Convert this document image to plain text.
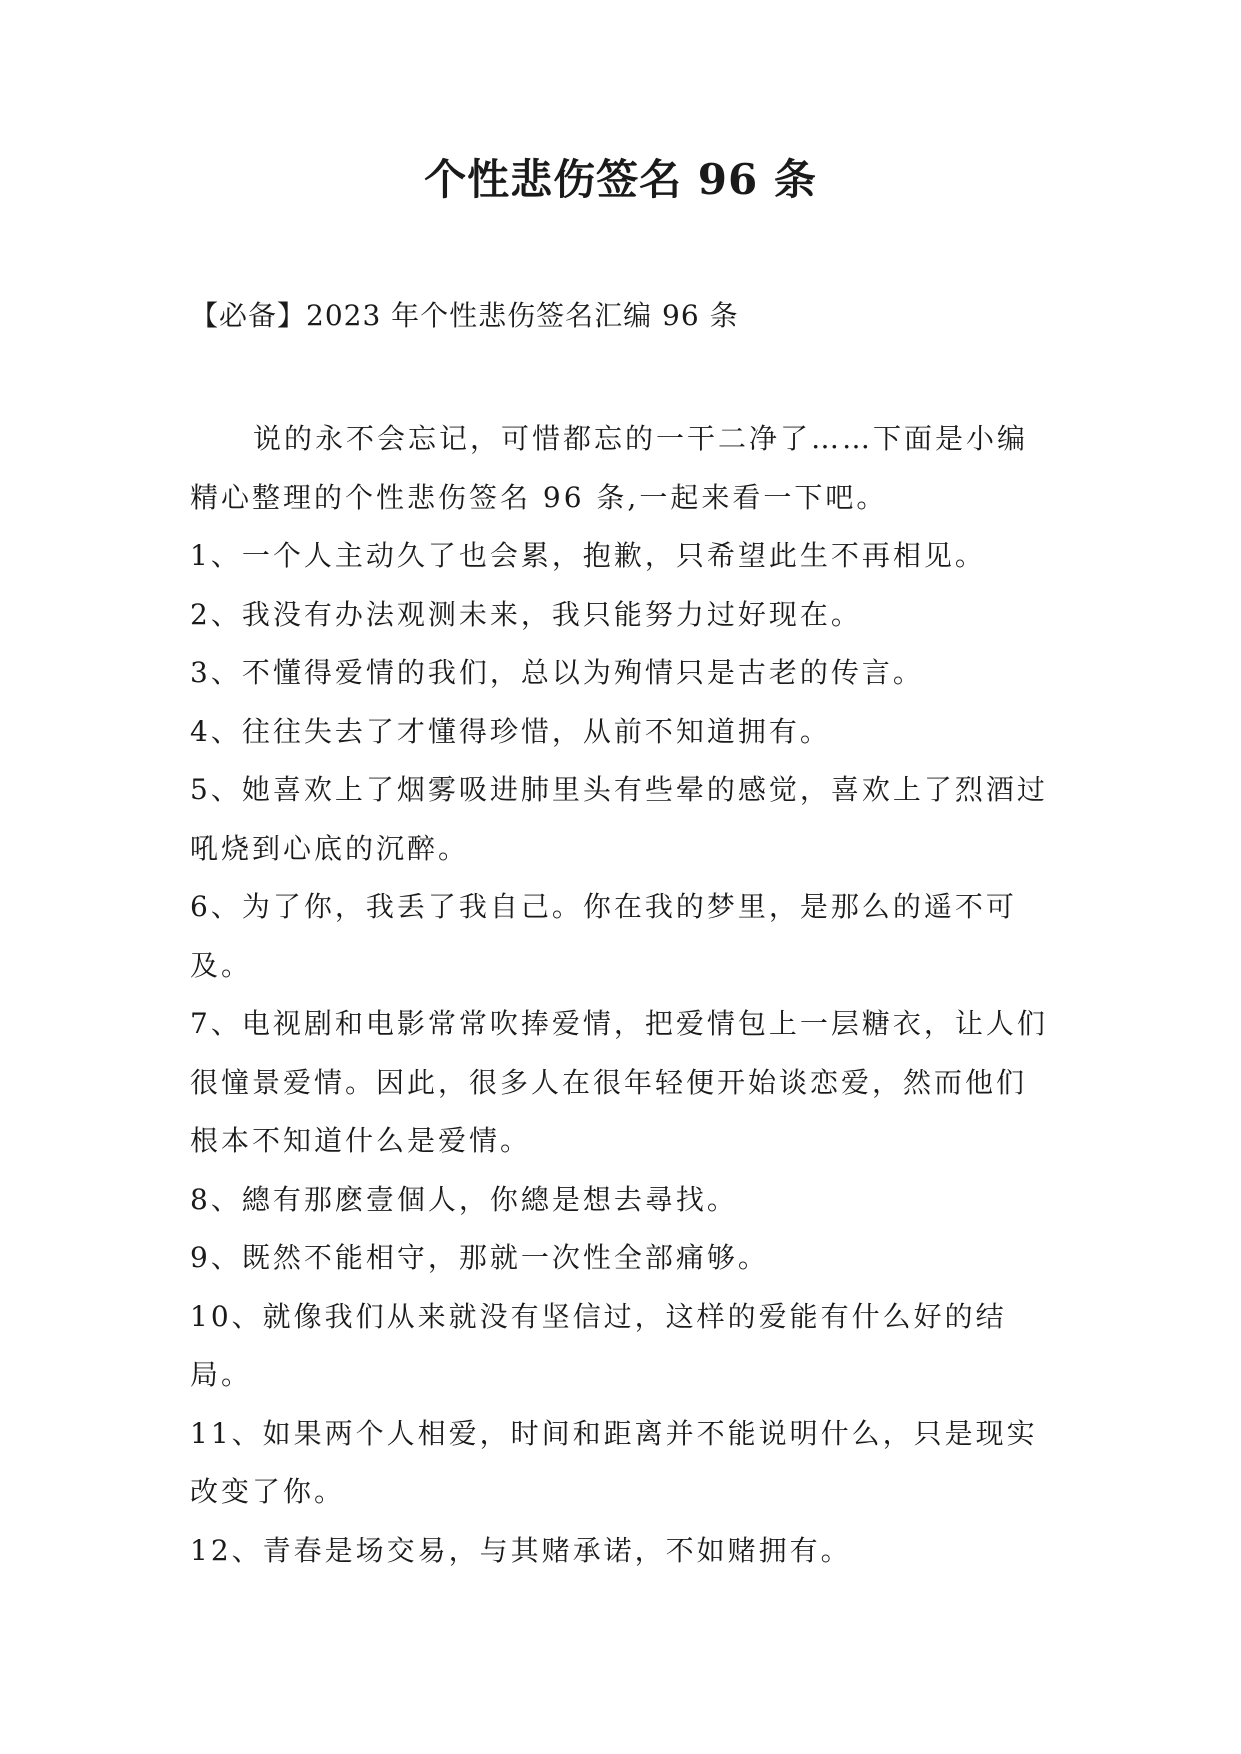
个性悲伤签名 96 条
【必备】2023 年个性悲伤签名汇编 96 条

说的永不会忘记，可惜都忘的一干二净了……下面是小编精心整理的个性悲伤签名 96 条,一起来看一下吧。

1、一个人主动久了也会累，抱歉，只希望此生不再相见。

2、我没有办法观测未来，我只能努力过好现在。

3、不懂得爱情的我们，总以为殉情只是古老的传言。

4、往往失去了才懂得珍惜，从前不知道拥有。

5、她喜欢上了烟雾吸进肺里头有些晕的感觉，喜欢上了烈酒过吼烧到心底的沉醉。

6、为了你，我丢了我自己。你在我的梦里，是那么的遥不可及。

7、电视剧和电影常常吹捧爱情，把爱情包上一层糖衣，让人们很憧景爱情。因此，很多人在很年轻便开始谈恋爱，然而他们根本不知道什么是爱情。

8、總有那麽壹個人，你總是想去尋找。

9、既然不能相守，那就一次性全部痛够。

10、就像我们从来就没有坚信过，这样的爱能有什么好的结局。

11、如果两个人相爱，时间和距离并不能说明什么，只是现实改变了你。

12、青春是场交易，与其赌承诺，不如赌拥有。
